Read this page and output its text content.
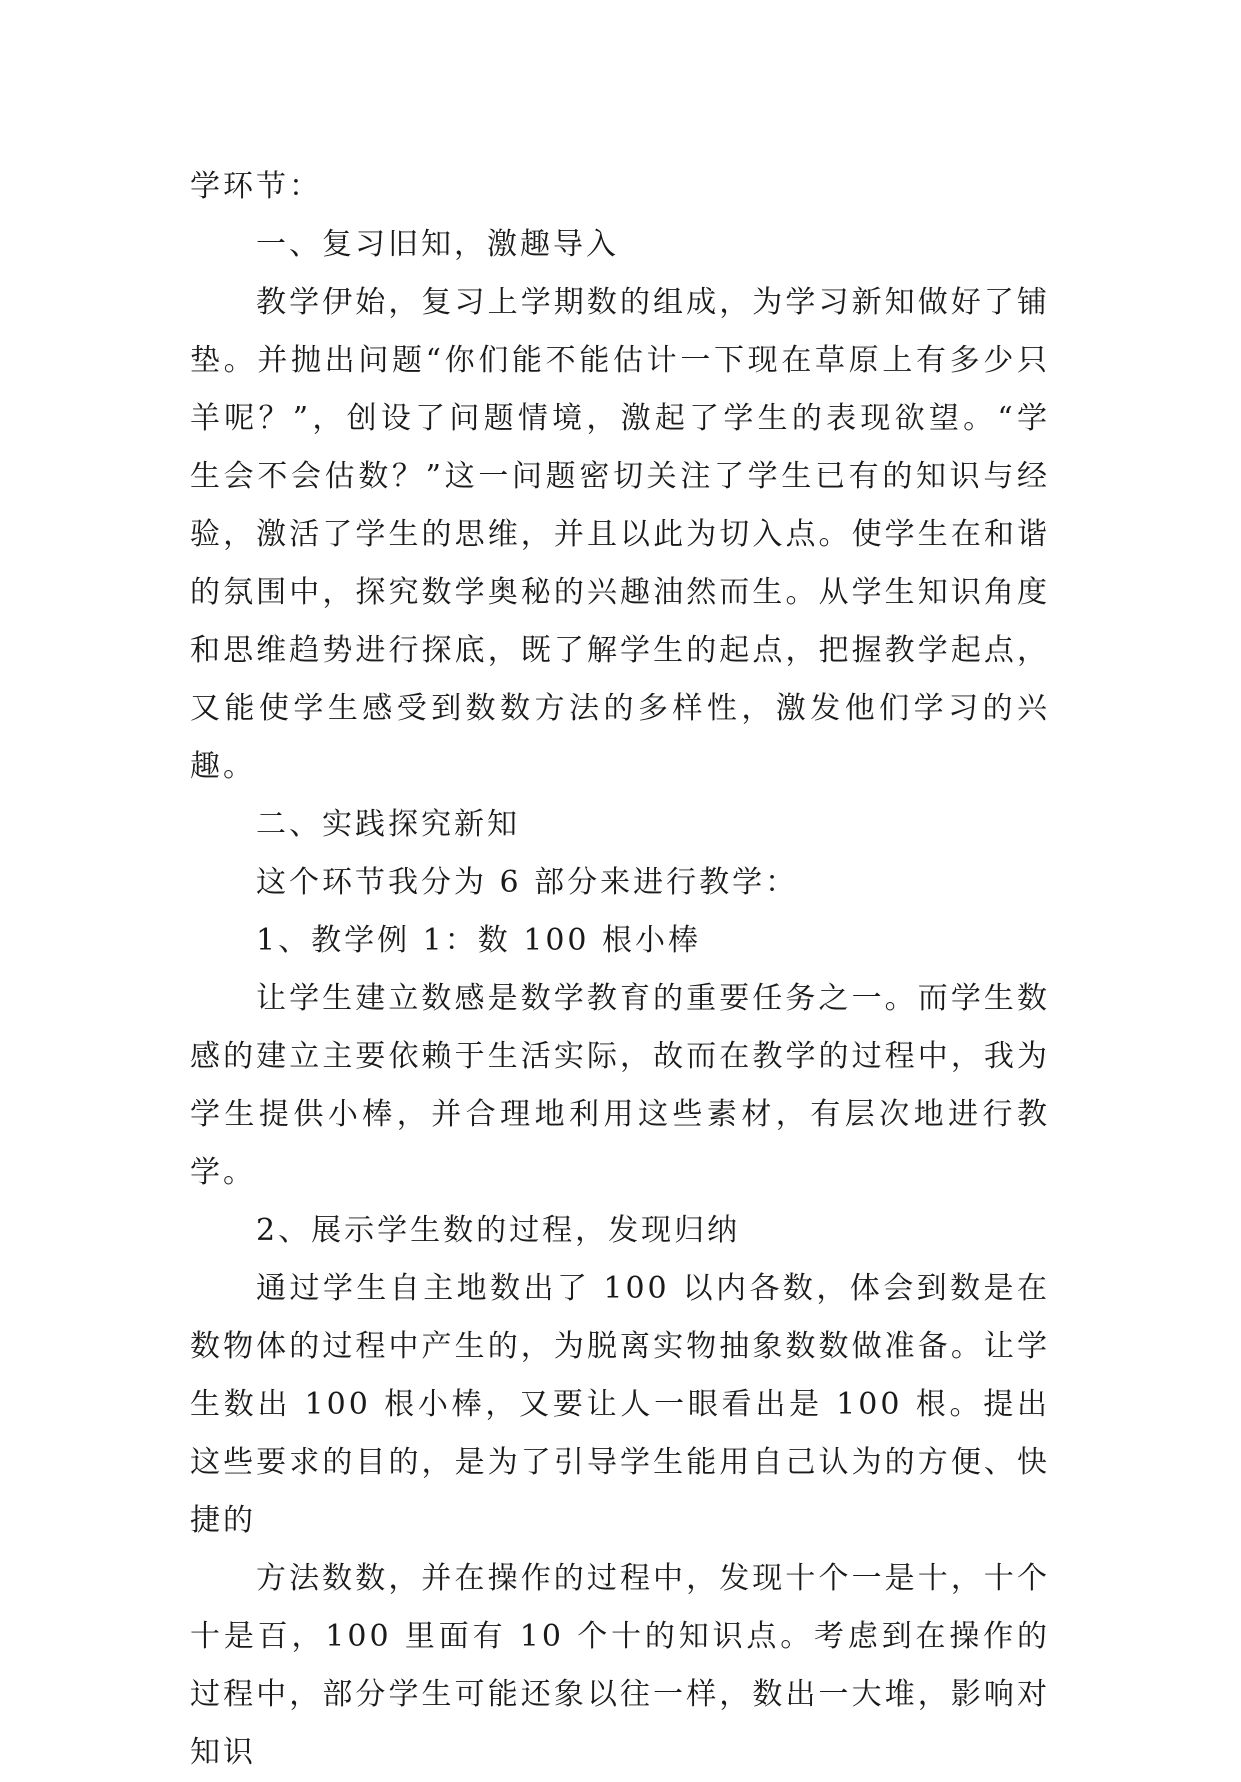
学环节：

一、复习旧知，激趣导入

教学伊始，复习上学期数的组成，为学习新知做好了铺垫。并抛出问题“你们能不能估计一下现在草原上有多少只羊呢？”，创设了问题情境，激起了学生的表现欲望。“学生会不会估数？”这一问题密切关注了学生已有的知识与经验，激活了学生的思维，并且以此为切入点。使学生在和谐的氛围中，探究数学奥秘的兴趣油然而生。从学生知识角度和思维趋势进行探底，既了解学生的起点，把握教学起点，又能使学生感受到数数方法的多样性，激发他们学习的兴趣。

二、实践探究新知

这个环节我分为 6 部分来进行教学：

1、教学例 1：数 100 根小棒

让学生建立数感是数学教育的重要任务之一。而学生数感的建立主要依赖于生活实际，故而在教学的过程中，我为学生提供小棒，并合理地利用这些素材，有层次地进行教学。

2、展示学生数的过程，发现归纳

通过学生自主地数出了 100 以内各数，体会到数是在数物体的过程中产生的，为脱离实物抽象数数做准备。让学生数出 100 根小棒，又要让人一眼看出是 100 根。提出这些要求的目的，是为了引导学生能用自己认为的方便、快捷的

方法数数，并在操作的过程中，发现十个一是十，十个十是百，100 里面有 10 个十的知识点。考虑到在操作的过程中，部分学生可能还象以往一样，数出一大堆，影响对知识
